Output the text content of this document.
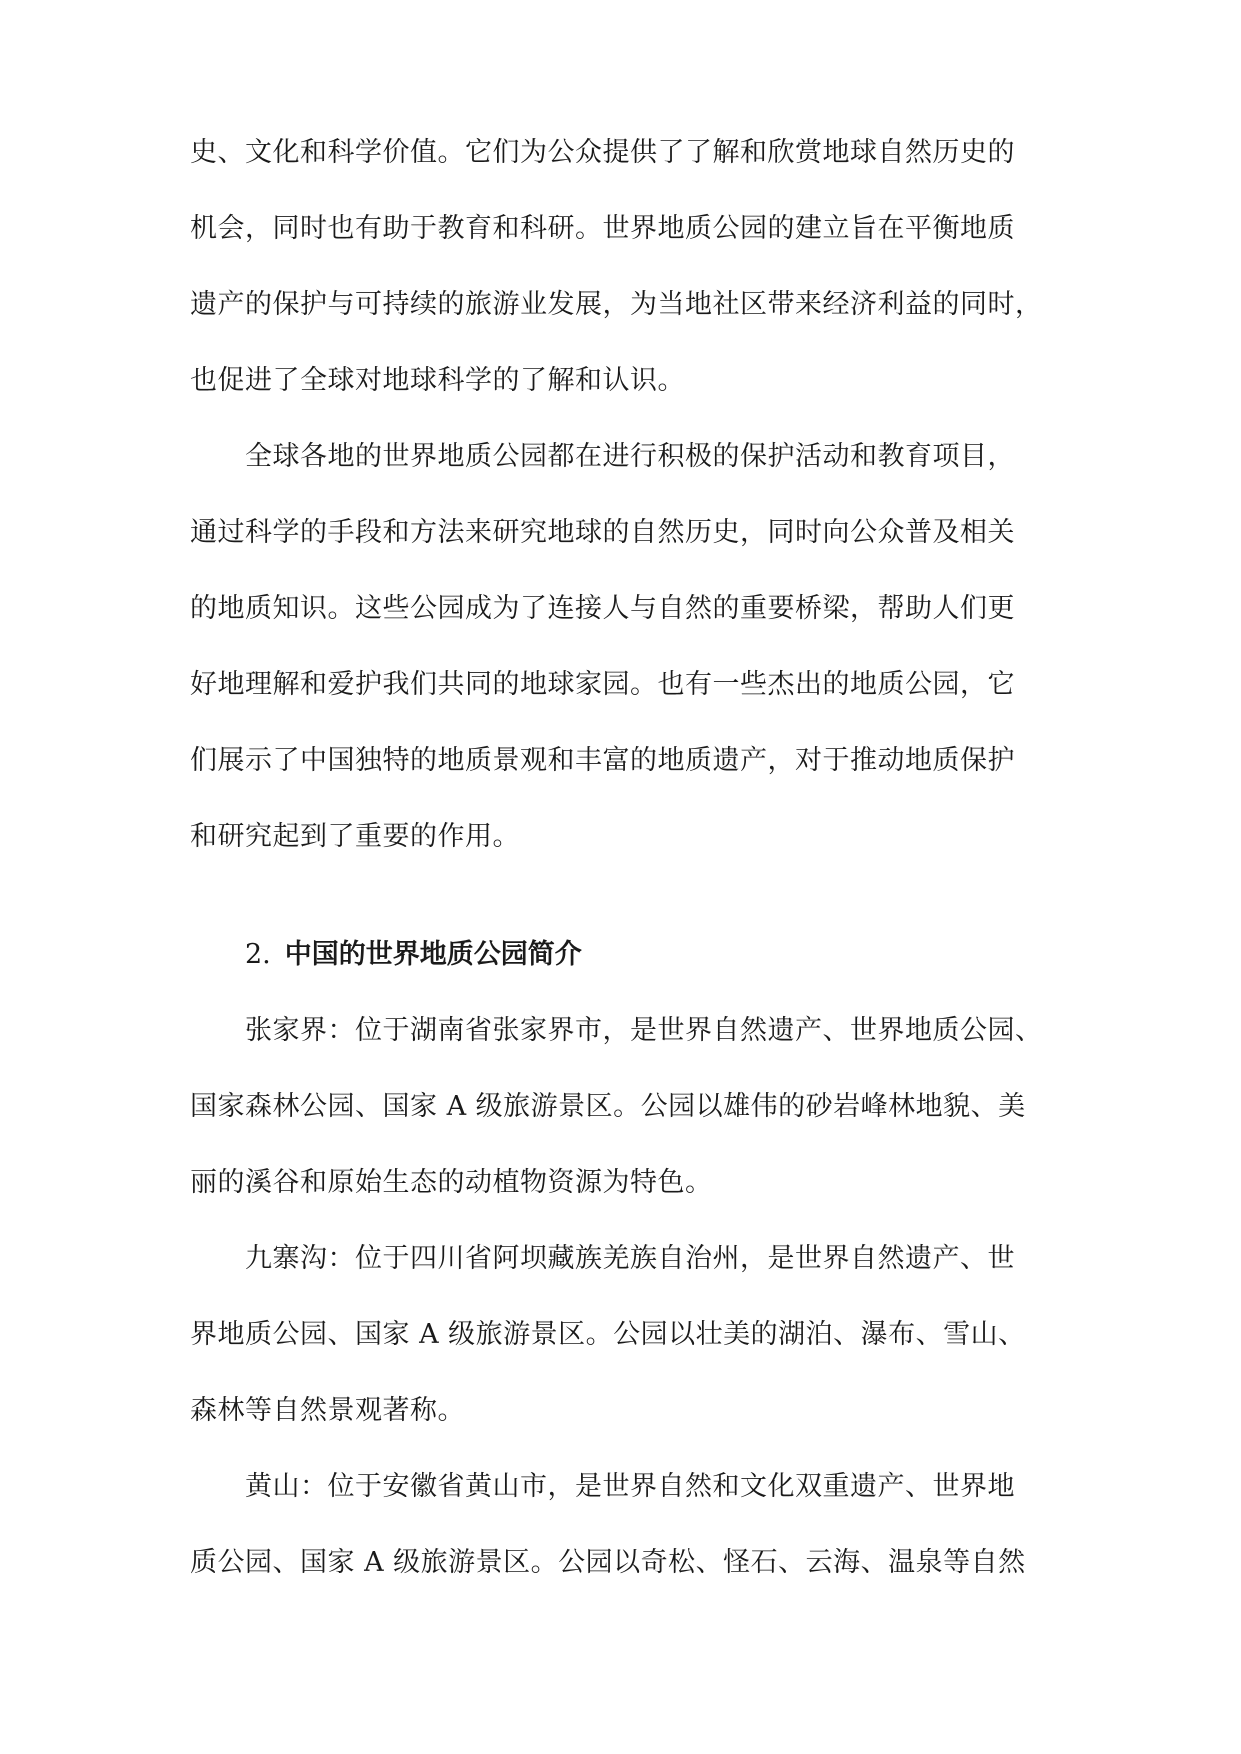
史、文化和科学价值。它们为公众提供了了解和欣赏地球自然历史的
机会，同时也有助于教育和科研。世界地质公园的建立旨在平衡地质
遗产的保护与可持续的旅游业发展，为当地社区带来经济利益的同时，
也促进了全球对地球科学的了解和认识。
全球各地的世界地质公园都在进行积极的保护活动和教育项目，
通过科学的手段和方法来研究地球的自然历史，同时向公众普及相关
的地质知识。这些公园成为了连接人与自然的重要桥梁，帮助人们更
好地理解和爱护我们共同的地球家园。也有一些杰出的地质公园，它
们展示了中国独特的地质景观和丰富的地质遗产，对于推动地质保护
和研究起到了重要的作用。
2. 中国的世界地质公园简介
张家界：位于湖南省张家界市，是世界自然遗产、世界地质公园、
国家森林公园、国家 A 级旅游景区。公园以雄伟的砂岩峰林地貌、美
丽的溪谷和原始生态的动植物资源为特色。
九寨沟：位于四川省阿坝藏族羌族自治州，是世界自然遗产、世
界地质公园、国家 A 级旅游景区。公园以壮美的湖泊、瀑布、雪山、
森林等自然景观著称。
黄山：位于安徽省黄山市，是世界自然和文化双重遗产、世界地
质公园、国家 A 级旅游景区。公园以奇松、怪石、云海、温泉等自然
